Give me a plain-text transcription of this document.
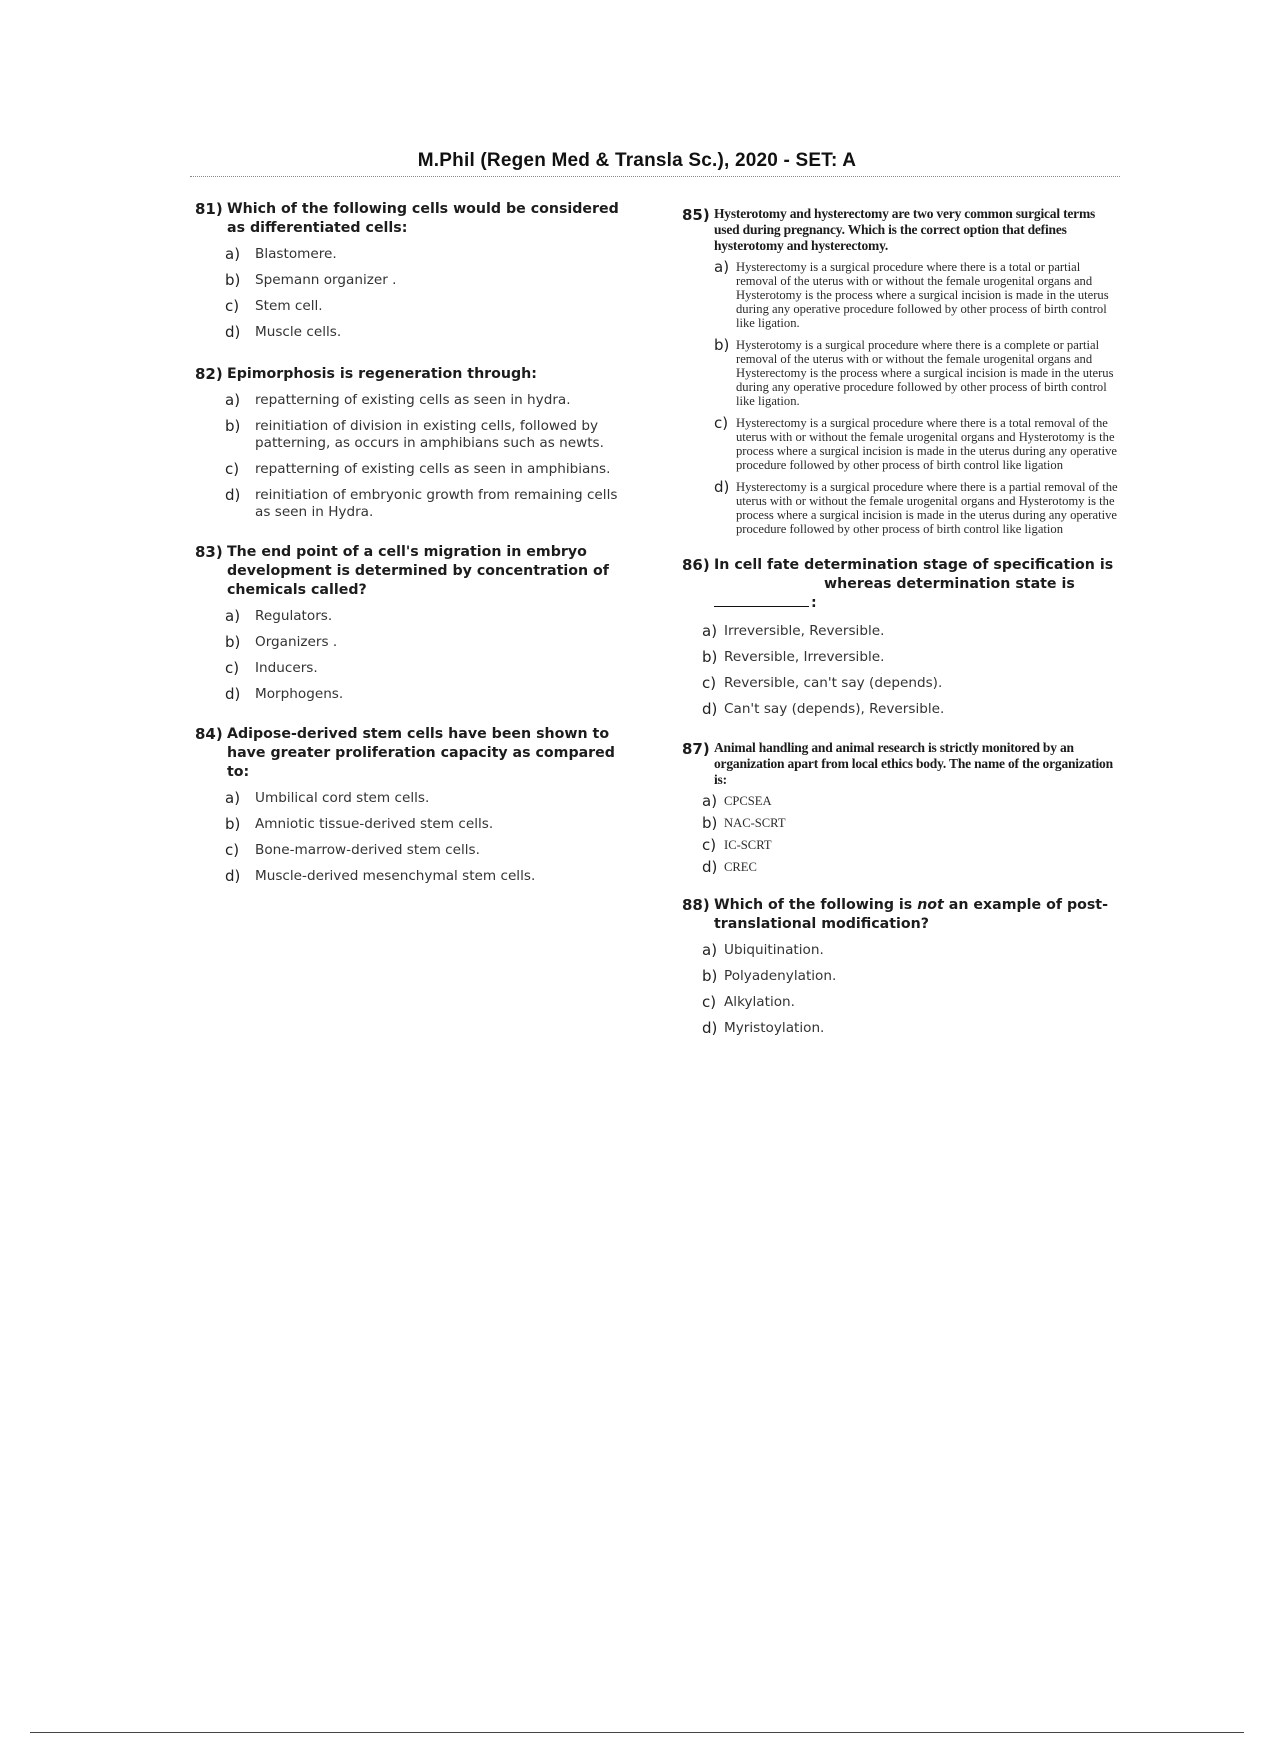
M.Phil (Regen Med & Transla Sc.), 2020 - SET: A
81) Which of the following cells would be considered as differentiated cells:
a)	Blastomere.
b)	Spemann organizer .
c)	Stem cell.
d)	Muscle cells.
82) Epimorphosis is regeneration through:
a)	repatterning of existing cells as seen in hydra.
b)	reinitiation of division in existing cells, followed by patterning, as occurs in amphibians such as newts.
c)	repatterning of existing cells as seen in amphibians.
d)	reinitiation of embryonic growth from remaining cells as seen in Hydra.
83) The end point of a cell's migration in embryo development is determined by concentration of chemicals called?
a)	Regulators.
b)	Organizers .
c)	Inducers.
d)	Morphogens.
84) Adipose-derived stem cells have been shown to have greater proliferation capacity as compared to:
a)	Umbilical cord stem cells.
b)	Amniotic tissue-derived stem cells.
c)	Bone-marrow-derived stem cells.
d)	Muscle-derived mesenchymal stem cells.
85) Hysterotomy and hysterectomy are two very common surgical terms used during pregnancy. Which is the correct option that defines hysterotomy and hysterectomy.
a) Hysterectomy is a surgical procedure where there is a total or partial removal of the uterus with or without the female urogenital organs and Hysterotomy is the process where a surgical incision is made in the uterus during any operative procedure followed by other process of birth control like ligation.
b) Hysterotomy is a surgical procedure where there is a complete or partial removal of the uterus with or without the female urogenital organs and Hysterectomy is the process where a surgical incision is made in the uterus during any operative procedure followed by other process of birth control like ligation.
c) Hysterectomy is a surgical procedure where there is a total removal of the uterus with or without the female urogenital organs and Hysterotomy is the process where a surgical incision is made in the uterus during any operative procedure followed by other process of birth control like ligation
d) Hysterectomy is a surgical procedure where there is a partial removal of the uterus with or without the female urogenital organs and Hysterotomy is the process where a surgical incision is made in the uterus during any operative procedure followed by other process of birth control like ligation
86) In cell fate determination stage of specification is
whereas determination state is
:
a) Irreversible, Reversible.
b) Reversible, Irreversible.
c) Reversible, can't say (depends).
d) Can't say (depends), Reversible.
87) Animal handling and animal research is strictly monitored by an organization apart from local ethics body. The name of the organization is:
a) CPCSEA
b) NAC-SCRT
c) IC-SCRT
d) CREC
88) Which of the following is not an example of post-translational modification?
a) Ubiquitination.
b) Polyadenylation.
c) Alkylation.
d) Myristoylation.
